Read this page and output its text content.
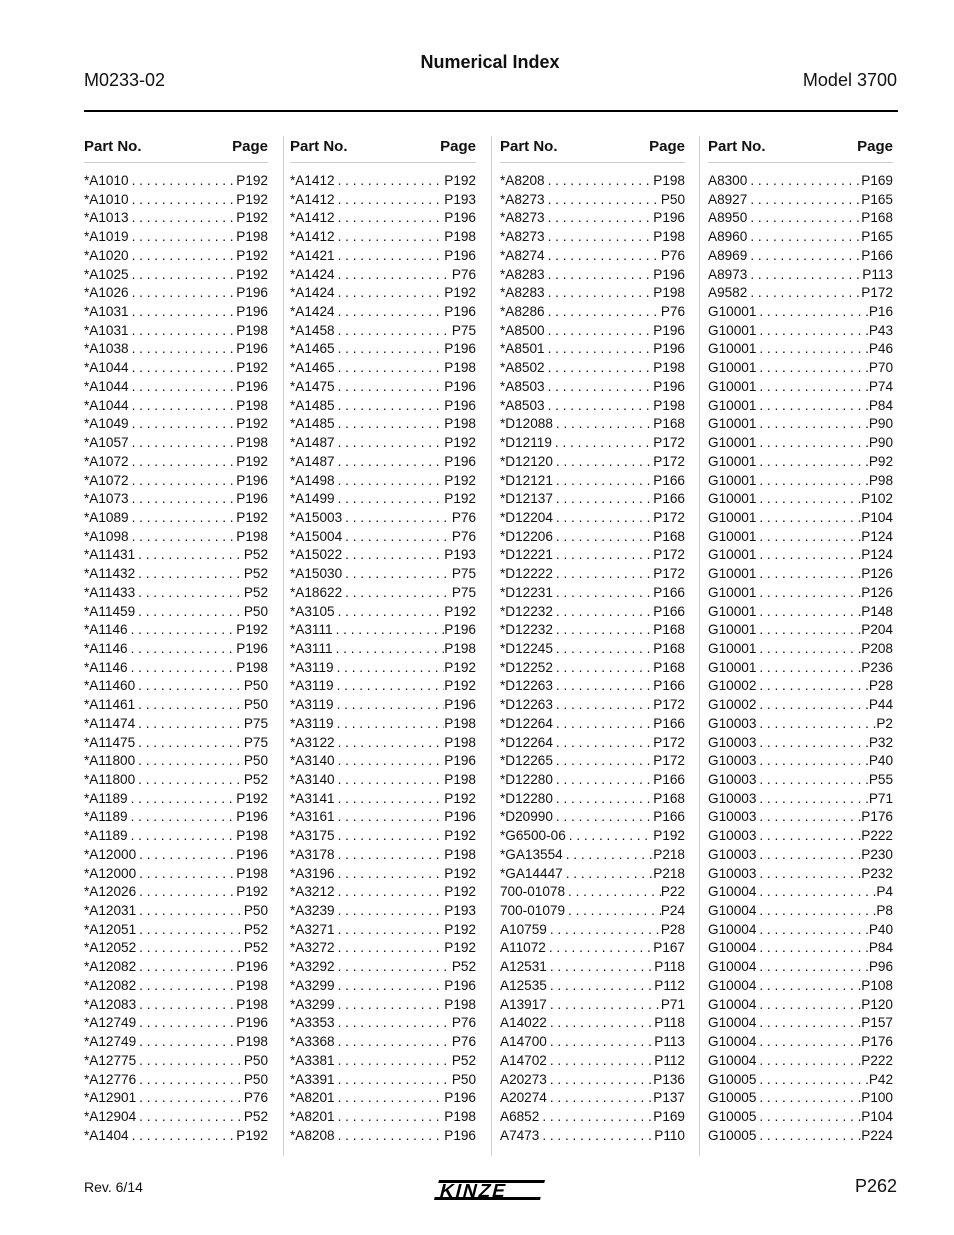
Numerical Index
M0233-02	Model 3700
Part No.	Page
*A1010 . . .	P192
*A1010 . . .	P192
*A1013 . . .	P192
*A1019 . . .	P198
*A1020 . . .	P192
*A1025 . . .	P192
*A1026 . . .	P196
*A1031 . . .	P196
*A1031 . . .	P198
*A1038 . . .	P196
*A1044 . . .	P192
*A1044 . . .	P196
*A1044 . . .	P198
*A1049 . . .	P192
*A1057 . . .	P198
*A1072 . . .	P192
*A1072 . . .	P196
*A1073 . . .	P196
*A1089 . . .	P192
*A1098 . . .	P198
*A11431 . . .	P52
*A11432 . . .	P52
*A11433 . . .	P52
*A11459 . . .	P50
*A1146 . . .	P192
*A1146 . . .	P196
*A1146 . . .	P198
*A11460 . . .	P50
*A11461 . . .	P50
*A11474 . . .	P75
*A11475 . . .	P75
*A11800 . . .	P50
*A11800 . . .	P52
*A1189 . . .	P192
*A1189 . . .	P196
*A1189 . . .	P198
*A12000 . . .	P196
*A12000 . . .	P198
*A12026 . . .	P192
*A12031 . . .	P50
*A12051 . . .	P52
*A12052 . . .	P52
*A12082 . . .	P196
*A12082 . . .	P198
*A12083 . . .	P198
*A12749 . . .	P196
*A12749 . . .	P198
*A12775 . . .	P50
*A12776 . . .	P50
*A12901 . . .	P76
*A12904 . . .	P52
*A1404 . . .	P192
Part No.	Page
*A1412 . . .	P192
*A1412 . . .	P193
*A1412 . . .	P196
*A1412 . . .	P198
*A1421 . . .	P196
*A1424 . . .	P76
*A1424 . . .	P192
*A1424 . . .	P196
*A1458 . . .	P75
*A1465 . . .	P196
*A1465 . . .	P198
*A1475 . . .	P196
*A1485 . . .	P196
*A1485 . . .	P198
*A1487 . . .	P192
*A1487 . . .	P196
*A1498 . . .	P192
*A1499 . . .	P192
*A15003 . . .	P76
*A15004 . . .	P76
*A15022 . . .	P193
*A15030 . . .	P75
*A18622 . . .	P75
*A3105 . . .	P192
*A3111 . . .	P196
*A3111 . . .	P198
*A3119 . . .	P192
*A3119 . . .	P192
*A3119 . . .	P196
*A3119 . . .	P198
*A3122 . . .	P198
*A3140 . . .	P196
*A3140 . . .	P198
*A3141 . . .	P192
*A3161 . . .	P196
*A3175 . . .	P192
*A3178 . . .	P198
*A3196 . . .	P192
*A3212 . . .	P192
*A3239 . . .	P193
*A3271 . . .	P192
*A3272 . . .	P192
*A3292 . . .	P52
*A3299 . . .	P196
*A3299 . . .	P198
*A3353 . . .	P76
*A3368 . . .	P76
*A3381 . . .	P52
*A3391 . . .	P50
*A8201 . . .	P196
*A8201 . . .	P198
*A8208 . . .	P196
Part No.	Page
*A8208 . . .	P198
*A8273 . . .	P50
*A8273 . . .	P196
*A8273 . . .	P198
*A8274 . . .	P76
*A8283 . . .	P196
*A8283 . . .	P198
*A8286 . . .	P76
*A8500 . . .	P196
*A8501 . . .	P196
*A8502 . . .	P198
*A8503 . . .	P196
*A8503 . . .	P198
*D12088 . . .	P168
*D12119 . . .	P172
*D12120 . . .	P172
*D12121 . . .	P166
*D12137 . . .	P166
*D12204 . . .	P172
*D12206 . . .	P168
*D12221 . . .	P172
*D12222 . . .	P172
*D12231 . . .	P166
*D12232 . . .	P166
*D12232 . . .	P168
*D12245 . . .	P168
*D12252 . . .	P168
*D12263 . . .	P166
*D12263 . . .	P172
*D12264 . . .	P166
*D12264 . . .	P172
*D12265 . . .	P172
*D12280 . . .	P166
*D12280 . . .	P168
*D20990 . . .	P166
*G6500-06 . . .	P192
*GA13554 . . .	P218
*GA14447 . . .	P218
700-01078 . . .	P22
700-01079 . . .	P24
A10759 . . .	P28
A11072 . . .	P167
A12531 . . .	P118
A12535 . . .	P112
A13917 . . .	P71
A14022 . . .	P118
A14700 . . .	P113
A14702 . . .	P112
A20273 . . .	P136
A20274 . . .	P137
A6852 . . .	P169
A7473 . . .	P110
Part No.	Page
A8300 . . .	P169
A8927 . . .	P165
A8950 . . .	P168
A8960 . . .	P165
A8969 . . .	P166
A8973 . . .	P113
A9582 . . .	P172
G10001 . . .	P16
G10001 . . .	P43
G10001 . . .	P46
G10001 . . .	P70
G10001 . . .	P74
G10001 . . .	P84
G10001 . . .	P90
G10001 . . .	P90
G10001 . . .	P92
G10001 . . .	P98
G10001 . . .	P102
G10001 . . .	P104
G10001 . . .	P124
G10001 . . .	P124
G10001 . . .	P126
G10001 . . .	P126
G10001 . . .	P148
G10001 . . .	P204
G10001 . . .	P208
G10001 . . .	P236
G10002 . . .	P28
G10002 . . .	P44
G10003 . . .	P2
G10003 . . .	P32
G10003 . . .	P40
G10003 . . .	P55
G10003 . . .	P71
G10003 . . .	P176
G10003 . . .	P222
G10003 . . .	P230
G10003 . . .	P232
G10004 . . .	P4
G10004 . . .	P8
G10004 . . .	P40
G10004 . . .	P84
G10004 . . .	P96
G10004 . . .	P108
G10004 . . .	P120
G10004 . . .	P157
G10004 . . .	P176
G10004 . . .	P222
G10005 . . .	P42
G10005 . . .	P100
G10005 . . .	P104
G10005 . . .	P224
Rev. 6/14	KINZE	P262
